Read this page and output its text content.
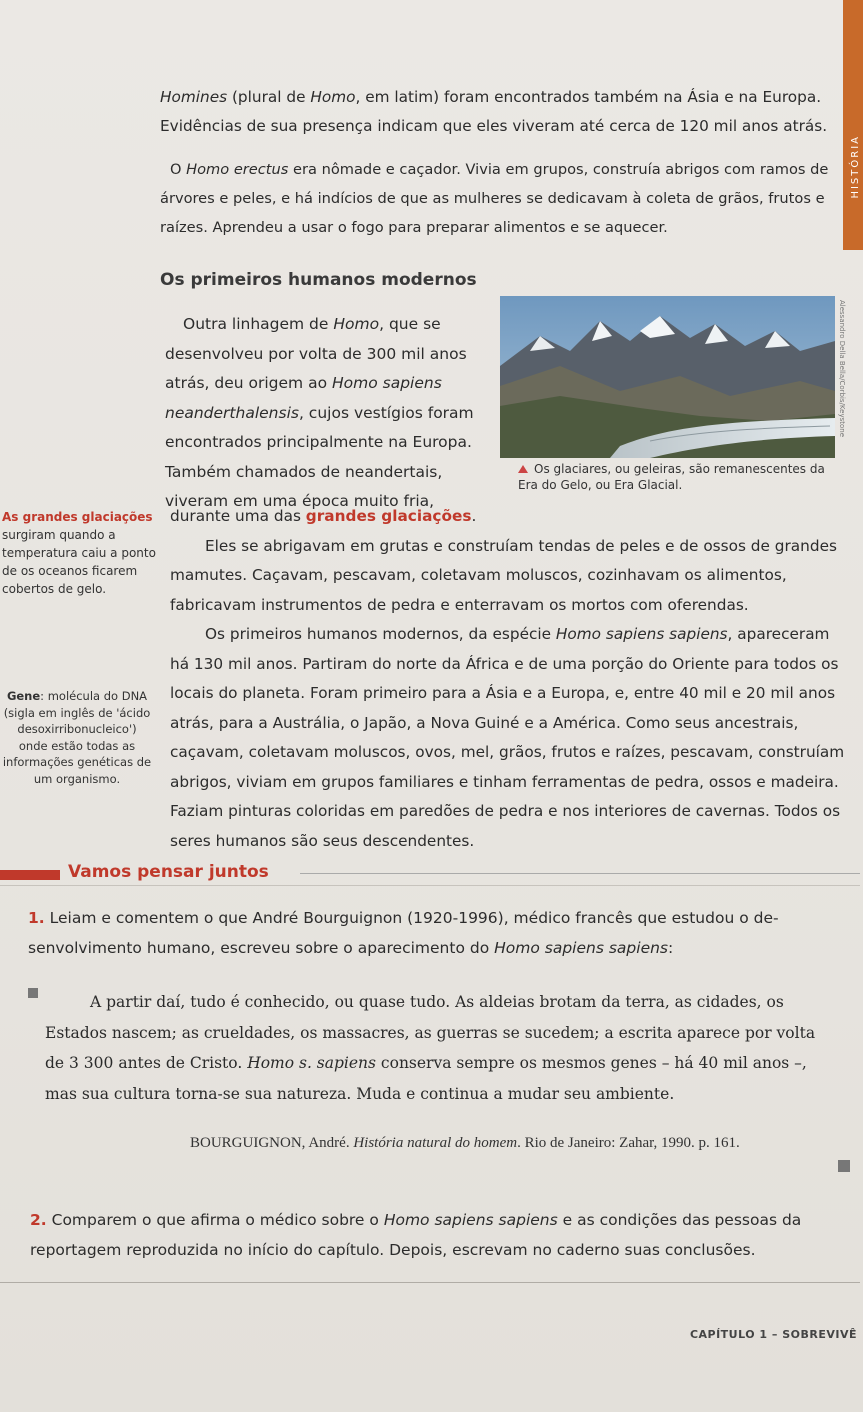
HISTÓRIA

Homines (plural de Homo, em latim) foram encontrados também na Ásia e na Europa. Evidências de sua presença indicam que eles viveram até cerca de 120 mil anos atrás.

O Homo erectus era nômade e caçador. Vivia em grupos, construía abrigos com ramos de árvores e peles, e há indícios de que as mulheres se dedicavam à coleta de grãos, frutos e raízes. Aprendeu a usar o fogo para preparar alimentos e se aquecer.

Os primeiros humanos modernos

Outra linhagem de Homo, que se desenvolveu por volta de 300 mil anos atrás, deu origem ao Homo sapiens neanderthalensis, cujos vestígios foram encontrados principalmente na Europa. Também chamados de neandertais, viveram em uma época muito fria,

Alessandro Della Bella/Corbis/Keystone
Os glaciares, ou geleiras, são remanescentes da Era do Gelo, ou Era Glacial.
As grandes glaciações surgiram quando a temperatura caiu a ponto de os oceanos ficarem cobertos de gelo.

durante uma das grandes glaciações.
Eles se abrigavam em grutas e construíam tendas de peles e de ossos de grandes mamutes. Caçavam, pescavam, coletavam moluscos, cozinhavam os alimentos, fabricavam instrumentos de pedra e enterravam os mortos com oferendas.
Os primeiros humanos modernos, da espécie Homo sapiens sapiens, apareceram há 130 mil anos. Partiram do norte da África e de uma porção do Oriente para todos os locais do planeta. Foram primeiro para a Ásia e a Europa, e, entre 40 mil e 20 mil anos atrás, para a Austrália, o Japão, a Nova Guiné e a América. Como seus ancestrais, caçavam, coletavam moluscos, ovos, mel, grãos, frutos e raízes, pescavam, construíam abrigos, viviam em grupos familiares e tinham ferramentas de pedra, ossos e madeira. Faziam pinturas coloridas em paredões de pedra e nos interiores de cavernas. Todos os seres humanos são seus descendentes.

Gene: molécula do DNA (sigla em inglês de 'ácido desoxirribonucleico') onde estão todas as informações genéticas de um organismo.
Vamos pensar juntos

1. Leiam e comentem o que André Bourguignon (1920-1996), médico francês que estudou o desenvolvimento humano, escreveu sobre o aparecimento do Homo sapiens sapiens:

A partir daí, tudo é conhecido, ou quase tudo. As aldeias brotam da terra, as cidades, os Estados nascem; as crueldades, os massacres, as guerras se sucedem; a escrita aparece por volta de 3 300 antes de Cristo. Homo s. sapiens conserva sempre os mesmos genes – há 40 mil anos –, mas sua cultura torna-se sua natureza. Muda e continua a mudar seu ambiente.

BOURGUIGNON, André. História natural do homem. Rio de Janeiro: Zahar, 1990. p. 161.

2. Comparem o que afirma o médico sobre o Homo sapiens sapiens e as condições das pessoas da reportagem reproduzida no início do capítulo. Depois, escrevam no caderno suas conclusões.

CAPÍTULO 1 – SOBREVIVÊ
